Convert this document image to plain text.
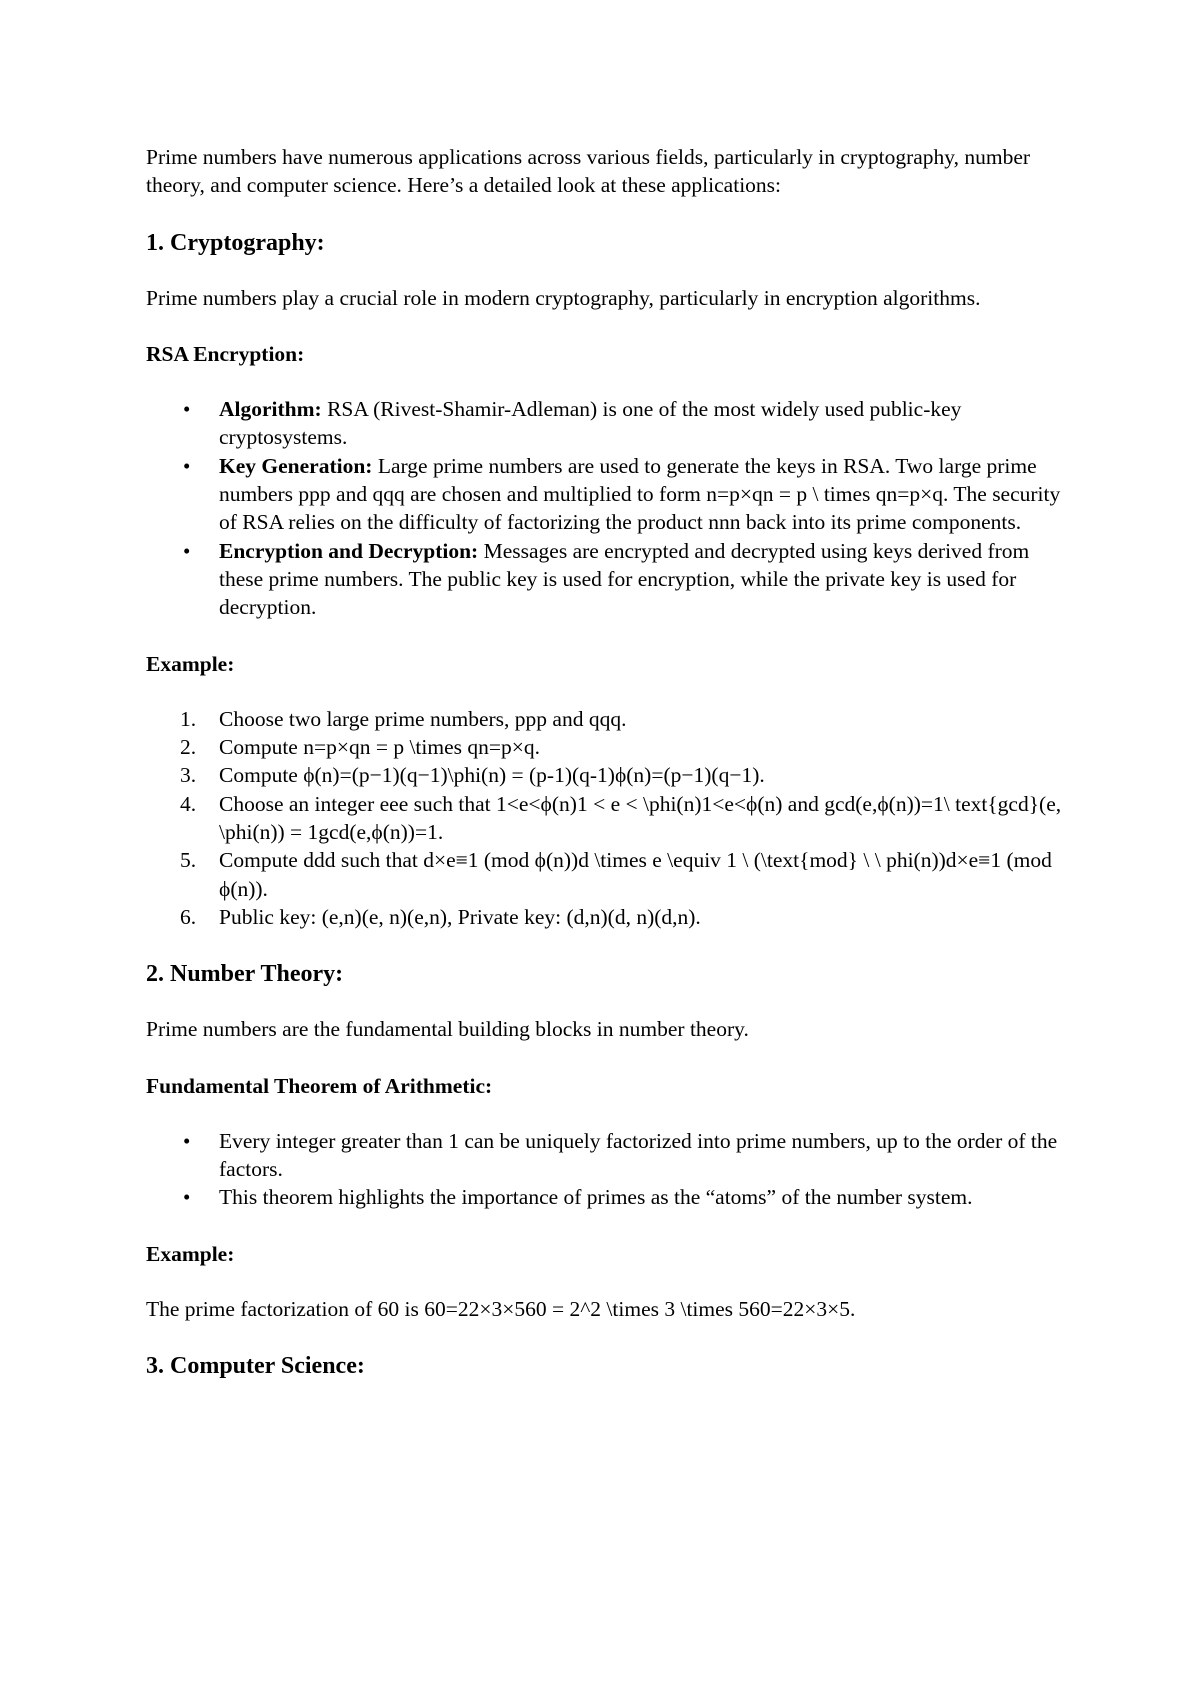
Prime numbers have numerous applications across various fields, particularly in cryptography, number theory, and computer science. Here’s a detailed look at these applications:

1. Cryptography:

Prime numbers play a crucial role in modern cryptography, particularly in encryption algorithms.

RSA Encryption:
• Algorithm: RSA (Rivest-Shamir-Adleman) is one of the most widely used public-key cryptosystems.
• Key Generation: Large prime numbers are used to generate the keys in RSA. Two large prime numbers ppp and qqq are chosen and multiplied to form n=p×qn = p \ times qn=p×q. The security of RSA relies on the difficulty of factorizing the product nnn back into its prime components.
• Encryption and Decryption: Messages are encrypted and decrypted using keys derived from these prime numbers. The public key is used for encryption, while the private key is used for decryption.
Example:
1.	Choose two large prime numbers, ppp and qqq.
2.	Compute n=p×qn = p \times qn=p×q.
3.	Compute ϕ(n)=(p−1)(q−1)\phi(n) = (p-1)(q-1)ϕ(n)=(p−1)(q−1).
4.	Choose an integer eee such that 1<e<ϕ(n)1 < e < \phi(n)1<e<ϕ(n) and gcd(e,ϕ(n))=1\ text{gcd}(e, \phi(n)) = 1gcd(e,ϕ(n))=1.
5.	Compute ddd such that d×e≡1 (mod ϕ(n))d \times e \equiv 1 \ (\text{mod} \ \ phi(n))d×e≡1 (mod ϕ(n)).
6.	Public key: (e,n)(e, n)(e,n), Private key: (d,n)(d, n)(d,n).
2. Number Theory:

Prime numbers are the fundamental building blocks in number theory.

Fundamental Theorem of Arithmetic:
• Every integer greater than 1 can be uniquely factorized into prime numbers, up to the order of the factors.
• This theorem highlights the importance of primes as the “atoms” of the number system.
Example:

The prime factorization of 60 is 60=22×3×560 = 2^2 \times 3 \times 560=22×3×5.

3. Computer Science:
